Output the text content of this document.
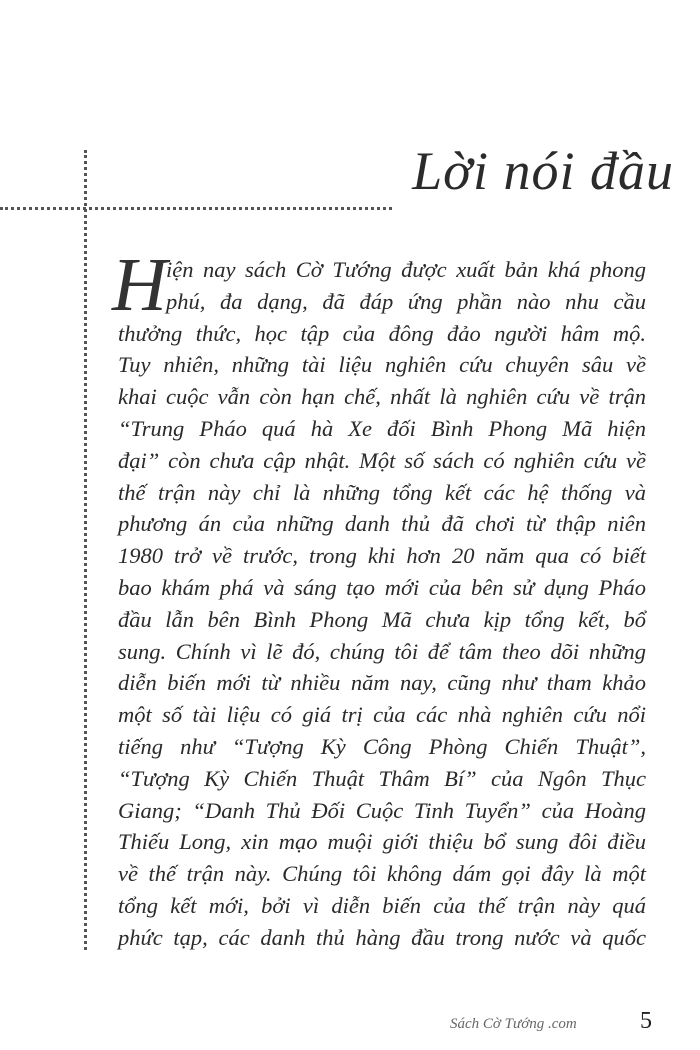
Lời nói đầu
H iện nay sách Cờ Tướng được xuất bản khá phong
phú, đa dạng, đã đáp ứng phần nào nhu cầu
thưởng thức, học tập của đông đảo người hâm mộ.
Tuy nhiên, những tài liệu nghiên cứu chuyên sâu về
khai cuộc vẫn còn hạn chế, nhất là nghiên cứu về trận
“Trung Pháo quá hà Xe đối Bình Phong Mã hiện
đại” còn chưa cập nhật. Một số sách có nghiên cứu về
thế trận này chỉ là những tổng kết các hệ thống và
phương án của những danh thủ đã chơi từ thập niên
1980 trở về trước, trong khi hơn 20 năm qua có biết
bao khám phá và sáng tạo mới của bên sử dụng Pháo
đầu lẫn bên Bình Phong Mã chưa kịp tổng kết, bổ
sung. Chính vì lẽ đó, chúng tôi để tâm theo dõi những
diễn biến mới từ nhiều năm nay, cũng như tham khảo
một số tài liệu có giá trị của các nhà nghiên cứu nổi
tiếng như “Tượng Kỳ Công Phòng Chiến Thuật”,
“Tượng Kỳ Chiến Thuật Thâm Bí” của Ngôn Thục
Giang; “Danh Thủ Đối Cuộc Tinh Tuyển” của Hoàng
Thiếu Long, xin mạo muội giới thiệu bổ sung đôi điều
về thế trận này. Chúng tôi không dám gọi đây là một
tổng kết mới, bởi vì diễn biến của thế trận này quá
phức tạp, các danh thủ hàng đầu trong nước và quốc
Sách Cờ Tướng .com	5
